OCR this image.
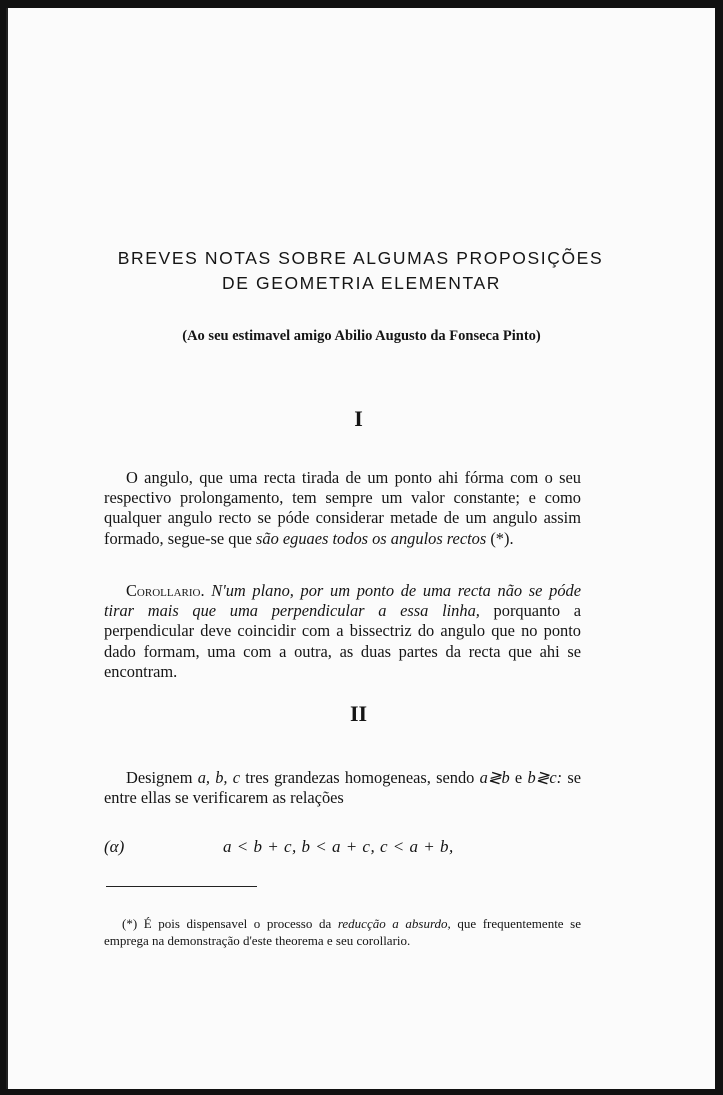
BREVES NOTAS SOBRE ALGUMAS PROPOSIÇÕES
DE GEOMETRIA ELEMENTAR
(Ao seu estimavel amigo Abilio Augusto da Fonseca Pinto)
I
O angulo, que uma recta tirada de um ponto ahi fórma com o seu respectivo prolongamento, tem sempre um valor constante; e como qualquer angulo recto se póde considerar metade de um angulo assim formado, segue-se que são eguaes todos os angulos rectos (*).
Corollario. N'um plano, por um ponto de uma recta não se póde tirar mais que uma perpendicular a essa linha, porquanto a perpendicular deve coincidir com a bissectriz do angulo que no ponto dado formam, uma com a outra, as duas partes da recta que ahi se encontram.
II
Designem a, b, c tres grandezas homogeneas, sendo a≷b e b≷c: se entre ellas se verificarem as relações
(α)	a < b + c, b < a + c, c < a + b,
(*) É pois dispensavel o processo da reducção a absurdo, que frequentemente se emprega na demonstração d'este theorema e seu corollario.
